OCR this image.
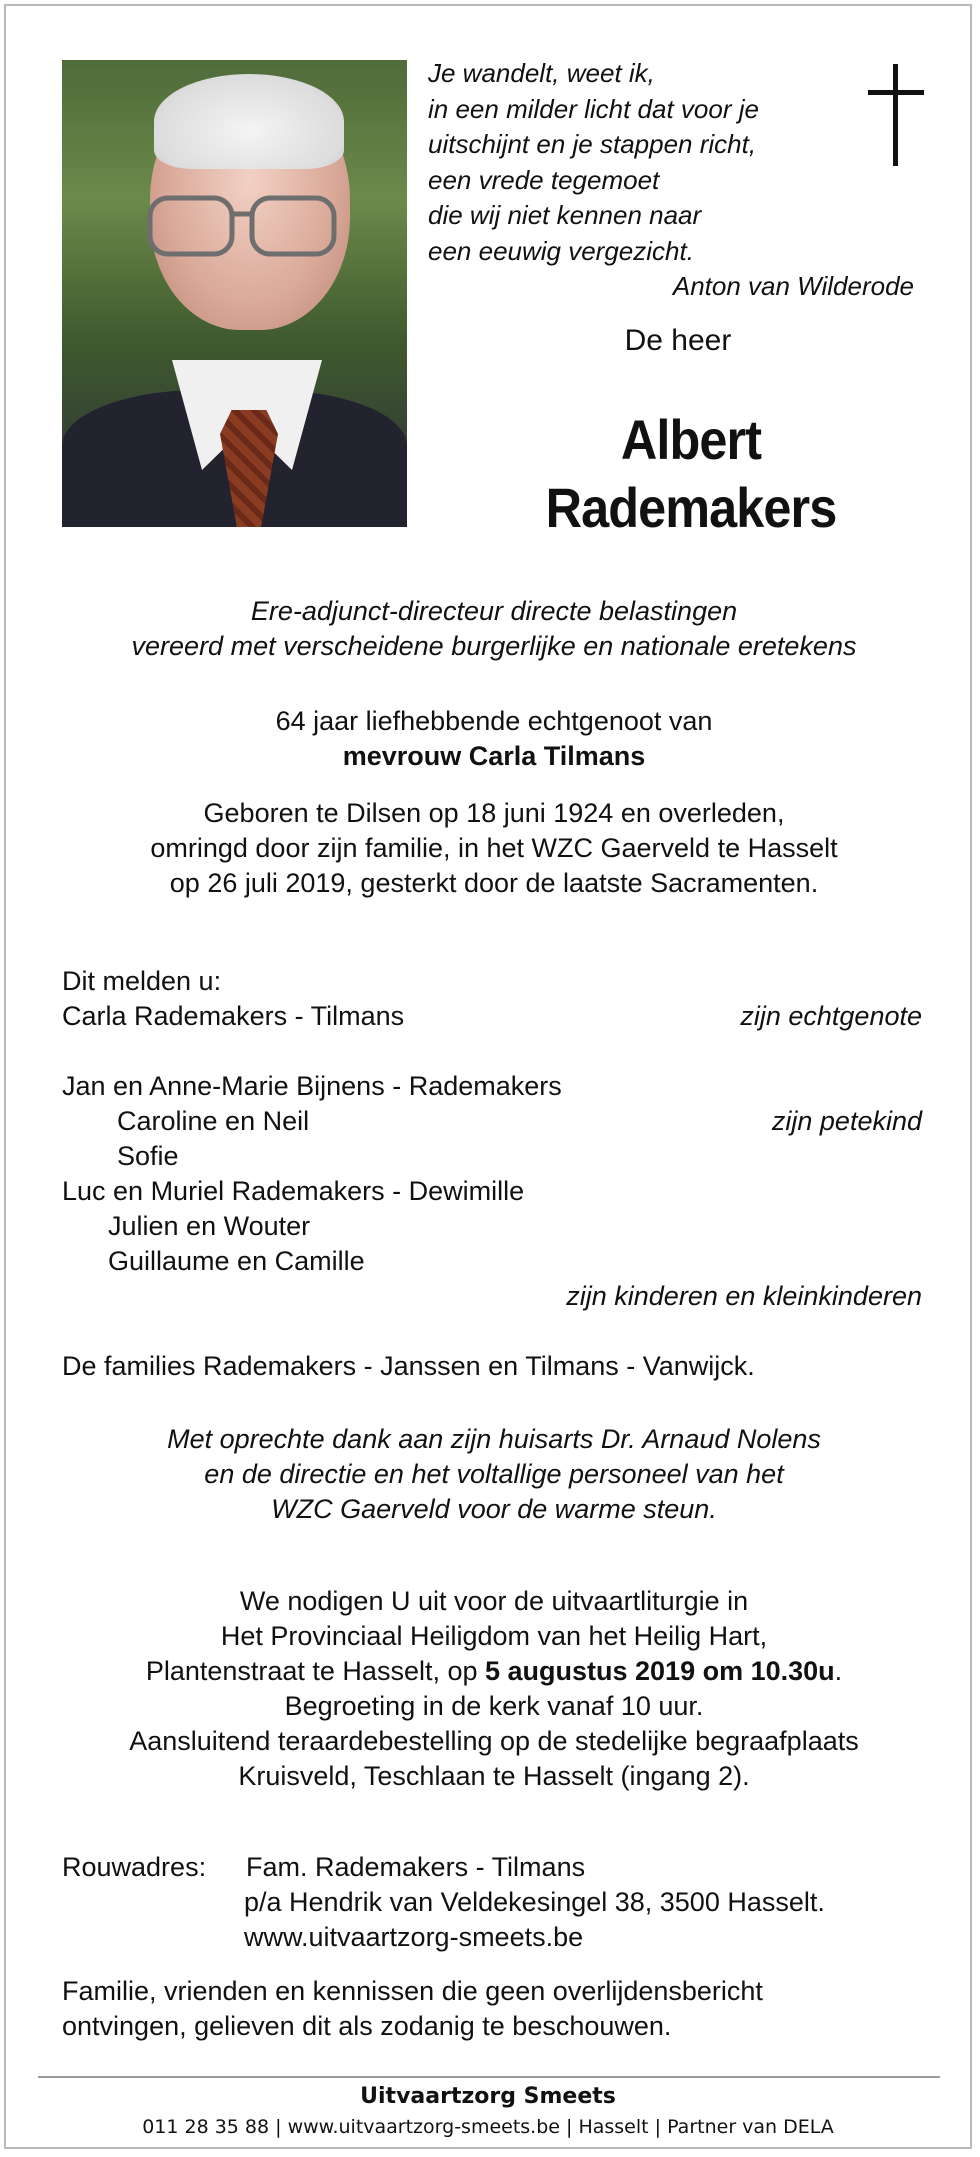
Je wandelt, weet ik,
in een milder licht dat voor je
uitschijnt en je stappen richt,
een vrede tegemoet
die wij niet kennen naar
een eeuwig vergezicht.
Anton van Wilderode
De heer
Albert
Rademakers
Ere-adjunct-directeur directe belastingen
vereerd met verscheidene burgerlijke en nationale eretekens
64 jaar liefhebbende echtgenoot van
mevrouw Carla Tilmans
Geboren te Dilsen op 18 juni 1924 en overleden,
omringd door zijn familie, in het WZC Gaerveld te Hasselt
op 26 juli 2019, gesterkt door de laatste Sacramenten.
Dit melden u:
Carla Rademakers - Tilmans	zijn echtgenote
Jan en Anne-Marie Bijnens - Rademakers
Caroline en Neil	zijn petekind
Sofie
Luc en Muriel Rademakers - Dewimille
Julien en Wouter
Guillaume en Camille
zijn kinderen en kleinkinderen
De families Rademakers - Janssen en Tilmans - Vanwijck.
Met oprechte dank aan zijn huisarts Dr. Arnaud Nolens
en de directie en het voltallige personeel van het
WZC Gaerveld voor de warme steun.
We nodigen U uit voor de uitvaartliturgie in
Het Provinciaal Heiligdom van het Heilig Hart,
Plantenstraat te Hasselt, op 5 augustus 2019 om 10.30u.
Begroeting in de kerk vanaf 10 uur.
Aansluitend teraardebestelling op de stedelijke begraafplaats
Kruisveld, Teschlaan te Hasselt (ingang 2).
Rouwadres:	Fam. Rademakers - Tilmans
p/a Hendrik van Veldekesingel 38, 3500 Hasselt.
www.uitvaartzorg-smeets.be
Familie, vrienden en kennissen die geen overlijdensbericht
ontvingen, gelieven dit als zodanig te beschouwen.
Uitvaartzorg Smeets
011 28 35 88 | www.uitvaartzorg-smeets.be | Hasselt | Partner van DELA
